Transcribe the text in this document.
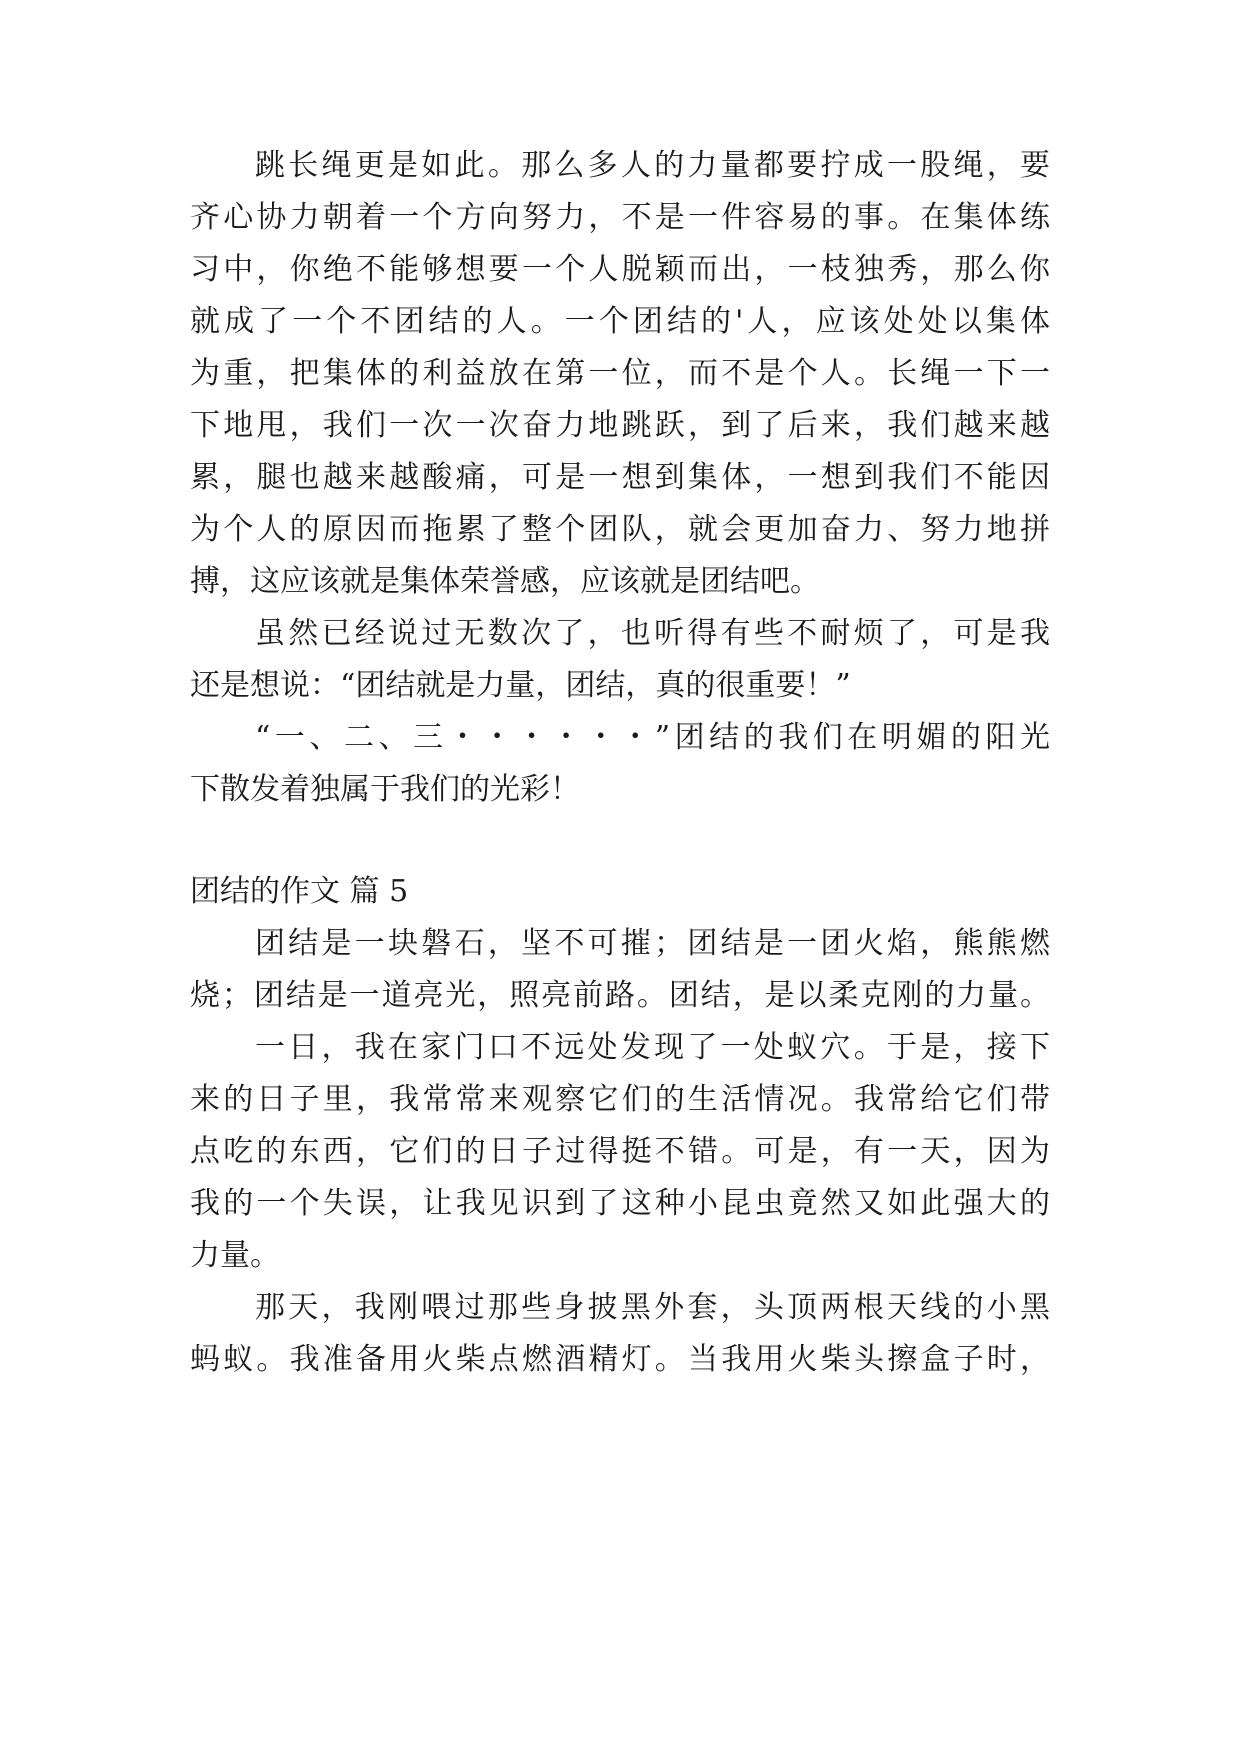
跳长绳更是如此。那么多人的力量都要拧成一股绳，要
齐心协力朝着一个方向努力，不是一件容易的事。在集体练
习中，你绝不能够想要一个人脱颖而出，一枝独秀，那么你
就成了一个不团结的人。一个团结的'人，应该处处以集体
为重，把集体的利益放在第一位，而不是个人。长绳一下一
下地甩，我们一次一次奋力地跳跃，到了后来，我们越来越
累，腿也越来越酸痛，可是一想到集体，一想到我们不能因
为个人的原因而拖累了整个团队，就会更加奋力、努力地拼
搏，这应该就是集体荣誉感，应该就是团结吧。
虽然已经说过无数次了，也听得有些不耐烦了，可是我
还是想说：“团结就是力量，团结，真的很重要！”
“一、二、三・・・・・・”团结的我们在明媚的阳光
下散发着独属于我们的光彩！
团结的作文 篇 5
团结是一块磐石，坚不可摧；团结是一团火焰，熊熊燃
烧；团结是一道亮光，照亮前路。团结，是以柔克刚的力量。
一日，我在家门口不远处发现了一处蚁穴。于是，接下
来的日子里，我常常来观察它们的生活情况。我常给它们带
点吃的东西，它们的日子过得挺不错。可是，有一天，因为
我的一个失误，让我见识到了这种小昆虫竟然又如此强大的
力量。
那天，我刚喂过那些身披黑外套，头顶两根天线的小黑
蚂蚁。我准备用火柴点燃酒精灯。当我用火柴头擦盒子时，
